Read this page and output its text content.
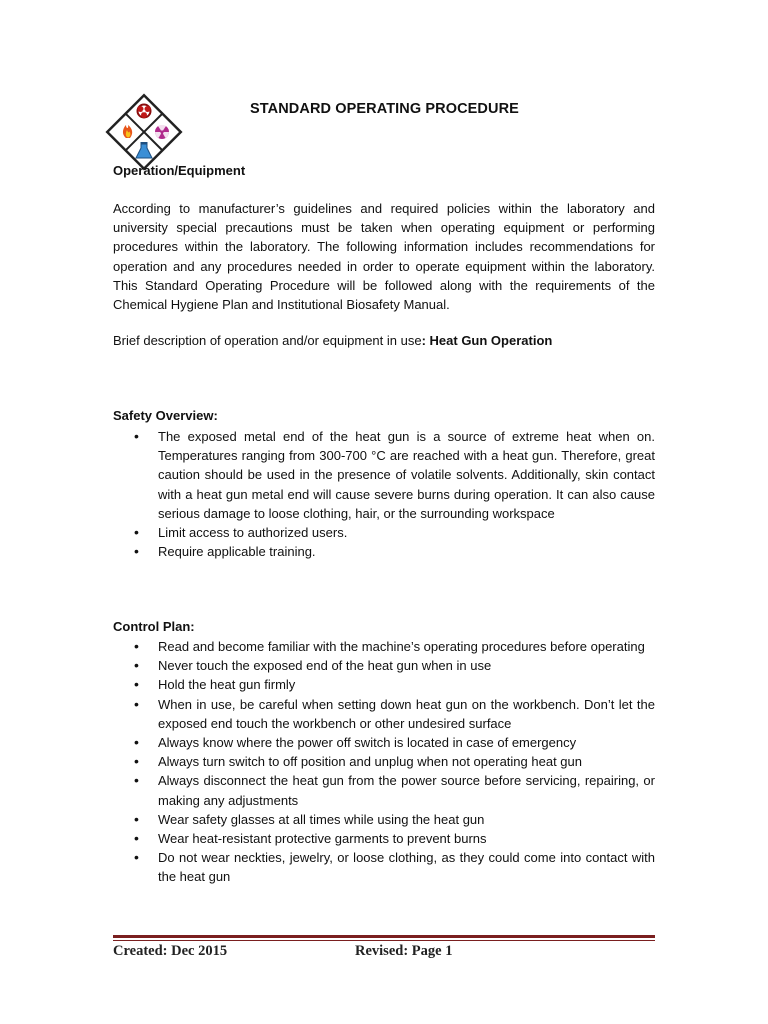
STANDARD OPERATING PROCEDURE
Operation/Equipment
According to manufacturer’s guidelines and required policies within the laboratory and university special precautions must be taken when operating equipment or performing procedures within the laboratory. The following information includes recommendations for operation and any procedures needed in order to operate equipment within the laboratory. This Standard Operating Procedure will be followed along with the requirements of the Chemical Hygiene Plan and Institutional Biosafety Manual.
Brief description of operation and/or equipment in use: Heat Gun Operation
Safety Overview:
• The exposed metal end of the heat gun is a source of extreme heat when on. Temperatures ranging from 300-700 °C are reached with a heat gun. Therefore, great caution should be used in the presence of volatile solvents. Additionally, skin contact with a heat gun metal end will cause severe burns during operation. It can also cause serious damage to loose clothing, hair, or the surrounding workspace
• Limit access to authorized users.
• Require applicable training.
Control Plan:
• Read and become familiar with the machine’s operating procedures before operating
• Never touch the exposed end of the heat gun when in use
• Hold the heat gun firmly
• When in use, be careful when setting down heat gun on the workbench. Don’t let the exposed end touch the workbench or other undesired surface
• Always know where the power off switch is located in case of emergency
• Always turn switch to off position and unplug when not operating heat gun
• Always disconnect the heat gun from the power source before servicing, repairing, or making any adjustments
• Wear safety glasses at all times while using the heat gun
• Wear heat-resistant protective garments to prevent burns
• Do not wear neckties, jewelry, or loose clothing, as they could come into contact with the heat gun
Created: Dec 2015	Revised: Page 1
